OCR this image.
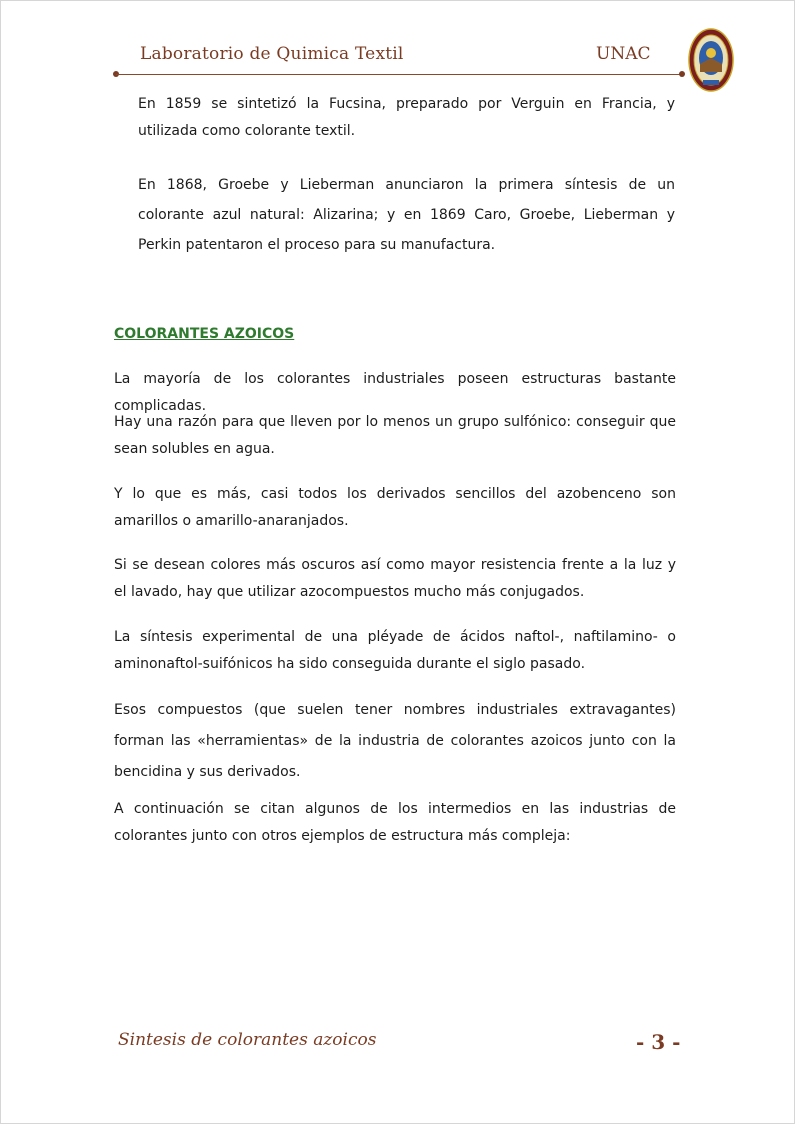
Laboratorio de Quimica Textil	UNAC

En 1859 se sintetizó la Fucsina, preparado por Verguin en Francia, y utilizada como colorante textil.

En 1868, Groebe y Lieberman anunciaron la primera síntesis de un colorante azul natural: Alizarina; y en 1869 Caro, Groebe, Lieberman y Perkin patentaron el proceso para su manufactura.

COLORANTES AZOICOS

La mayoría de los colorantes industriales poseen estructuras bastante complicadas.

Hay una razón para que lleven por lo menos un grupo sulfónico: conseguir que sean solubles en agua.

Y lo que es más, casi todos los derivados sencillos del azobenceno son amarillos o amarillo-anaranjados.

Si se desean colores más oscuros así como mayor resistencia frente a la luz y el lavado, hay que utilizar azocompuestos mucho más conjugados.

La síntesis experimental de una pléyade de ácidos naftol-, naftilamino- o aminonaftol-suifónicos ha sido conseguida durante el siglo pasado.

Esos compuestos (que suelen tener nombres industriales extravagantes) forman las «herramientas» de la industria de colorantes azoicos junto con la bencidina y sus derivados.

A continuación se citan algunos de los intermedios en las industrias de colorantes junto con otros ejemplos de estructura más compleja:

Sintesis de colorantes azoicos	- 3 -
